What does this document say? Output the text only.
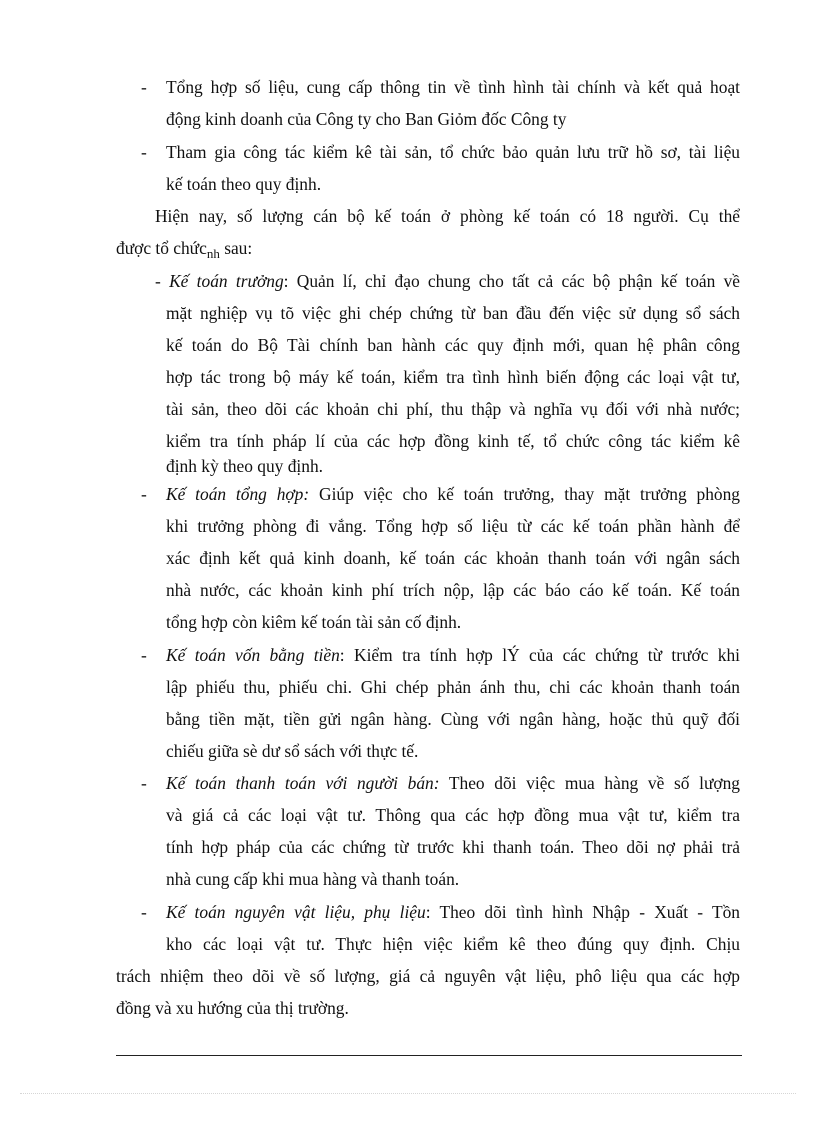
- Tổng hợp số liệu, cung cấp thông tin về tình hình tài chính và kết quả hoạt
động kinh doanh của Công ty cho Ban Giỏm đốc Công ty
- Tham gia công tác kiểm kê tài sản, tổ chức bảo quản lưu trữ hồ sơ, tài liệu
kế toán theo quy định.
Hiện nay, số lượng cán bộ kế toán ở phòng kế toán có 18 người. Cụ thể
được tổ chức$_{nh}$ sau:
- Kế toán trưởng: Quản lí, chỉ đạo chung cho tất cả các bộ phận kế toán về
mặt nghiệp vụ tõ việc ghi chép chứng từ ban đầu đến việc sử dụng sổ sách
kế toán do Bộ Tài chính ban hành các quy định mới, quan hệ phân công
hợp tác trong bộ máy kế toán, kiểm tra tình hình biến động các loại vật tư,
tài sản, theo dõi các khoản chi phí, thu thập và nghĩa vụ đối với nhà nước;
kiểm tra tính pháp lí của các hợp đồng kinh tế, tổ chức công tác kiểm kê
định kỳ theo quy định.
- Kế toán tổng hợp: Giúp việc cho kế toán trưởng, thay mặt trưởng phòng
khi trưởng phòng đi vắng. Tổng hợp số liệu từ các kế toán phần hành để
xác định kết quả kinh doanh, kế toán các khoản thanh toán với ngân sách
nhà nước, các khoản kinh phí trích nộp, lập các báo cáo kế toán. Kế toán
tổng hợp còn kiêm kế toán tài sản cố định.
- Kế toán vốn bằng tiền: Kiểm tra tính hợp lÝ của các chứng từ trước khi
lập phiếu thu, phiếu chi. Ghi chép phản ánh thu, chi các khoản thanh toán
bằng tiền mặt, tiền gửi ngân hàng. Cùng với ngân hàng, hoặc thủ quỹ đối
chiếu giữa sè dư sổ sách với thực tế.
- Kế toán thanh toán với người bán: Theo dõi việc mua hàng về số lượng
và giá cả các loại vật tư. Thông qua các hợp đồng mua vật tư, kiểm tra
tính hợp pháp của các chứng từ trước khi thanh toán. Theo dõi nợ phải trả
nhà cung cấp khi mua hàng và thanh toán.
- Kế toán nguyên vật liệu, phụ liệu: Theo dõi tình hình Nhập - Xuất - Tồn
kho các loại vật tư. Thực hiện việc kiểm kê theo đúng quy định. Chịu
trách nhiệm theo dõi về số lượng, giá cả nguyên vật liệu, phô liệu qua các hợp
đồng và xu hướng của thị trường.
